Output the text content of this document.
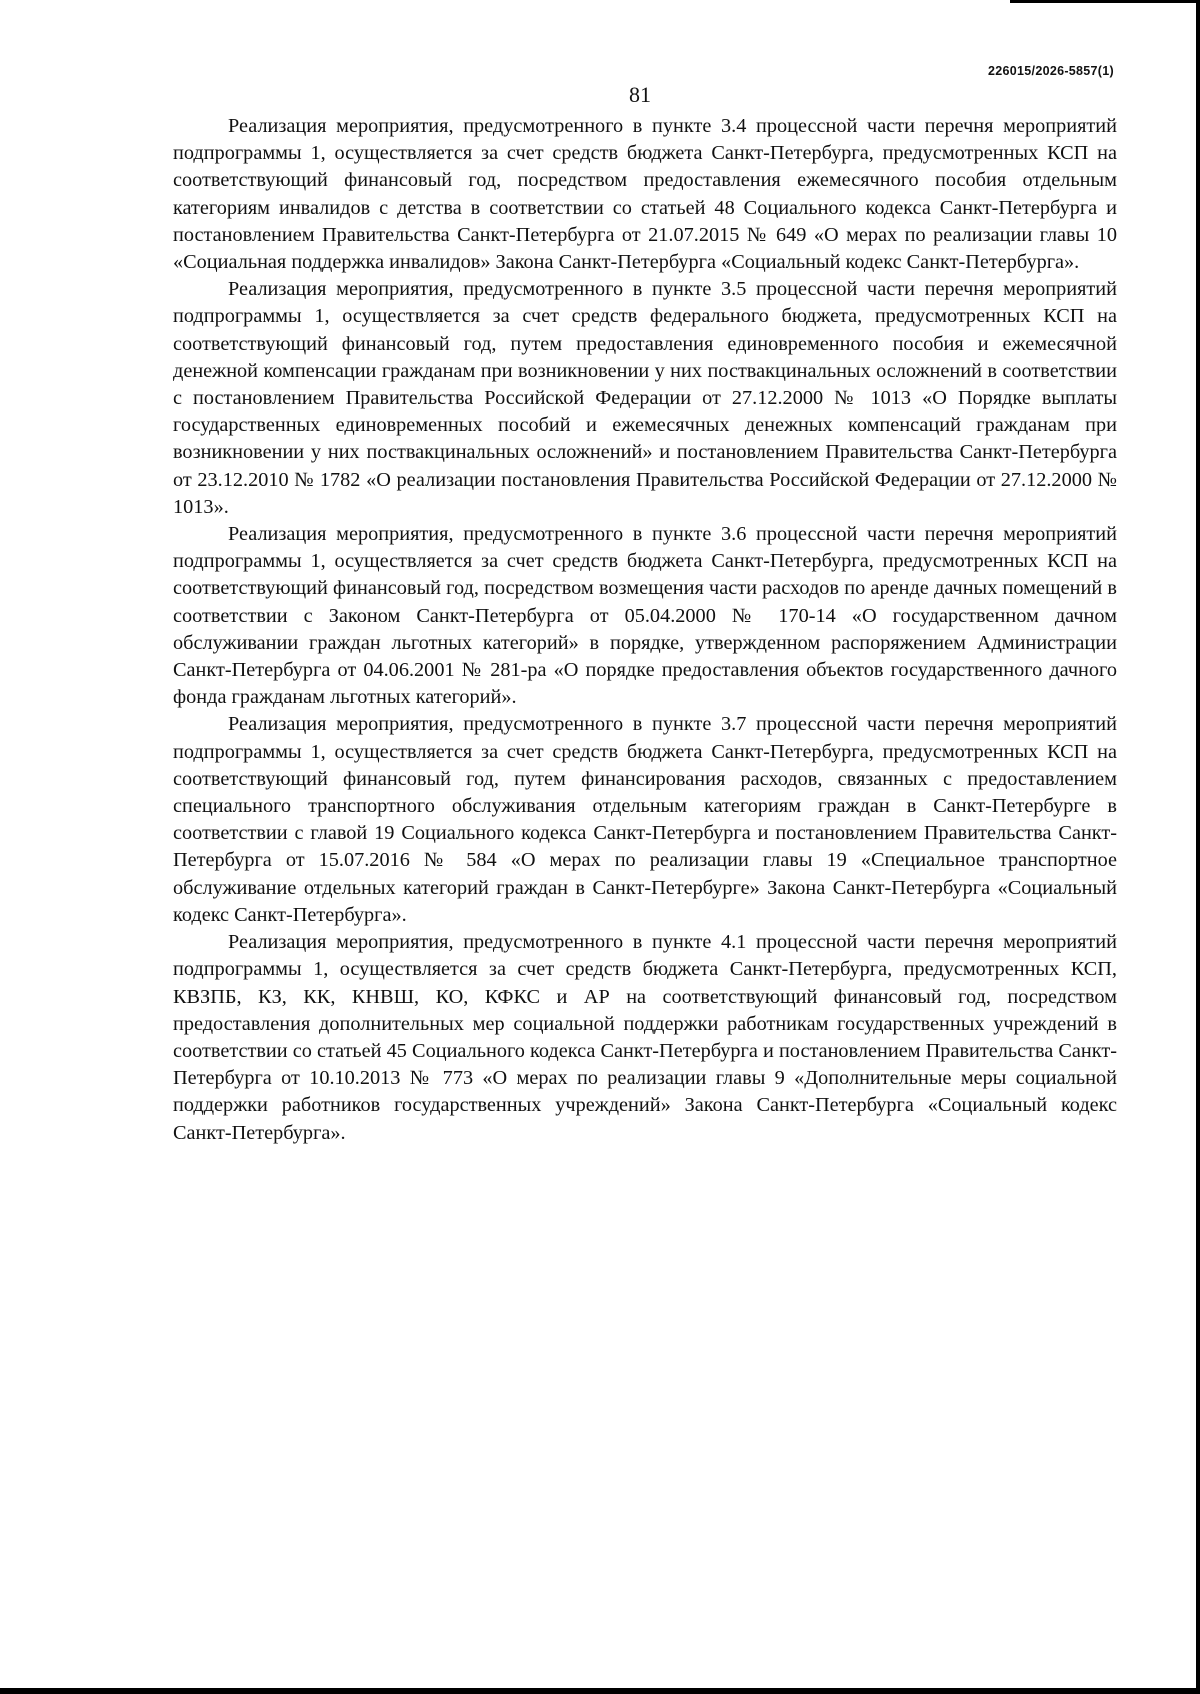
226015/2026-5857(1)
81

Реализация мероприятия, предусмотренного в пункте 3.4 процессной части перечня мероприятий подпрограммы 1, осуществляется за счет средств бюджета Санкт-Петербурга, предусмотренных КСП на соответствующий финансовый год, посредством предоставления ежемесячного пособия отдельным категориям инвалидов с детства в соответствии со статьей 48 Социального кодекса Санкт-Петербурга и постановлением Правительства Санкт-Петербурга от 21.07.2015 № 649 «О мерах по реализации главы 10 «Социальная поддержка инвалидов» Закона Санкт-Петербурга «Социальный кодекс Санкт-Петербурга».

Реализация мероприятия, предусмотренного в пункте 3.5 процессной части перечня мероприятий подпрограммы 1, осуществляется за счет средств федерального бюджета, предусмотренных КСП на соответствующий финансовый год, путем предоставления единовременного пособия и ежемесячной денежной компенсации гражданам при возникновении у них поствакцинальных осложнений в соответствии с постановлением Правительства Российской Федерации от 27.12.2000 № 1013 «О Порядке выплаты государственных единовременных пособий и ежемесячных денежных компенсаций гражданам при возникновении у них поствакцинальных осложнений» и постановлением Правительства Санкт-Петербурга от 23.12.2010 № 1782 «О реализации постановления Правительства Российской Федерации от 27.12.2000 № 1013».

Реализация мероприятия, предусмотренного в пункте 3.6 процессной части перечня мероприятий подпрограммы 1, осуществляется за счет средств бюджета Санкт-Петербурга, предусмотренных КСП на соответствующий финансовый год, посредством возмещения части расходов по аренде дачных помещений в соответствии с Законом Санкт-Петербурга от 05.04.2000 № 170-14 «О государственном дачном обслуживании граждан льготных категорий» в порядке, утвержденном распоряжением Администрации Санкт-Петербурга от 04.06.2001 № 281-ра «О порядке предоставления объектов государственного дачного фонда гражданам льготных категорий».

Реализация мероприятия, предусмотренного в пункте 3.7 процессной части перечня мероприятий подпрограммы 1, осуществляется за счет средств бюджета Санкт-Петербурга, предусмотренных КСП на соответствующий финансовый год, путем финансирования расходов, связанных с предоставлением специального транспортного обслуживания отдельным категориям граждан в Санкт-Петербурге в соответствии с главой 19 Социального кодекса Санкт-Петербурга и постановлением Правительства Санкт-Петербурга от 15.07.2016 № 584 «О мерах по реализации главы 19 «Специальное транспортное обслуживание отдельных категорий граждан в Санкт-Петербурге» Закона Санкт-Петербурга «Социальный кодекс Санкт-Петербурга».

Реализация мероприятия, предусмотренного в пункте 4.1 процессной части перечня мероприятий подпрограммы 1, осуществляется за счет средств бюджета Санкт-Петербурга, предусмотренных КСП, КВЗПБ, КЗ, КК, КНВШ, КО, КФКС и АР на соответствующий финансовый год, посредством предоставления дополнительных мер социальной поддержки работникам государственных учреждений в соответствии со статьей 45 Социального кодекса Санкт-Петербурга и постановлением Правительства Санкт-Петербурга от 10.10.2013 № 773 «О мерах по реализации главы 9 «Дополнительные меры социальной поддержки работников государственных учреждений» Закона Санкт-Петербурга «Социальный кодекс Санкт-Петербурга».
